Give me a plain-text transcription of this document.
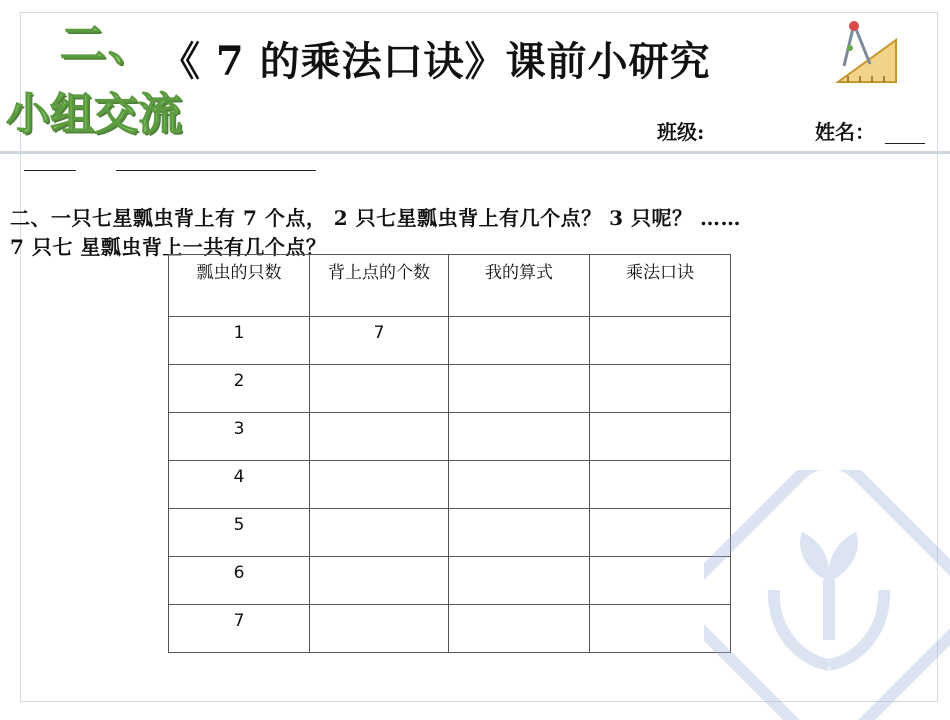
二、
小组交流
《 7 的乘法口诀》课前小研究
班级:	姓名：
二、一只七星瓢虫背上有 7 个点， 2 只七星瓢虫背上有几个点？ 3 只呢？ ……
7 只七 星瓢虫背上一共有几个点？
瓢虫的只数	背上点的个数	我的算式	乘法口诀
1	7		
2			
3			
4			
5			
6			
7			
